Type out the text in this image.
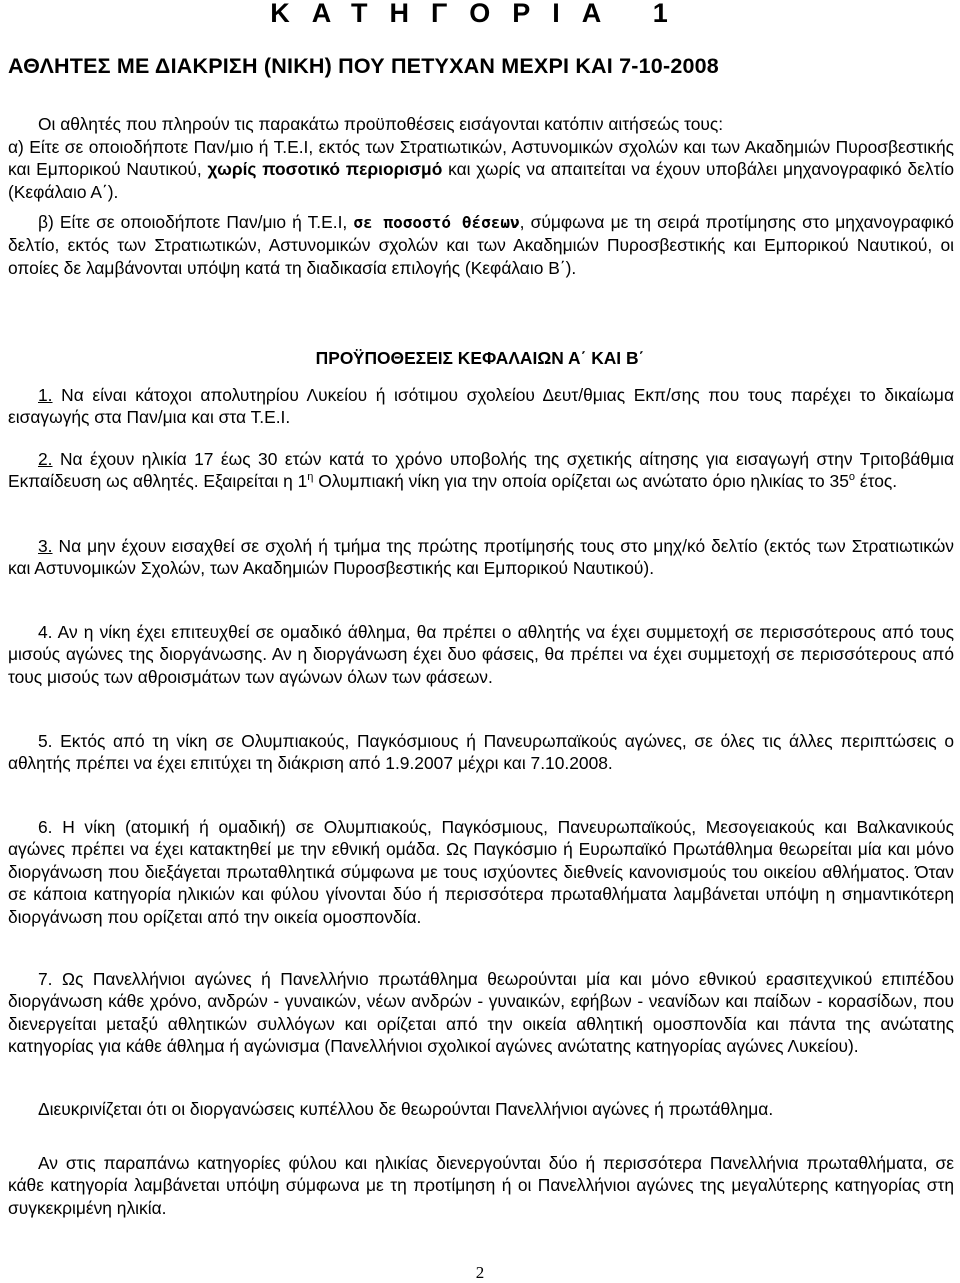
ΚΑΤΗΓΟΡΙΑ 1
ΑΘΛΗΤΕΣ ΜΕ ΔΙΑΚΡΙΣΗ (ΝΙΚΗ) ΠΟΥ ΠΕΤΥΧΑΝ ΜΕΧΡΙ ΚΑΙ 7-10-2008
Οι αθλητές που πληρούν τις παρακάτω προϋποθέσεις εισάγονται κατόπιν αιτήσεώς τους:
α) Είτε σε οποιοδήποτε Παν/μιο ή Τ.Ε.Ι, εκτός των Στρατιωτικών, Αστυνομικών σχολών και των Ακαδημιών Πυροσβεστικής και Εμπορικού Ναυτικού, χωρίς ποσοτικό περιορισμό και χωρίς να απαιτείται να έχουν υποβάλει μηχανογραφικό δελτίο (Κεφάλαιο Α΄).
β) Είτε σε οποιοδήποτε Παν/μιο ή Τ.Ε.Ι, σε ποσοστό θέσεων, σύμφωνα με τη σειρά προτίμησης στο μηχανογραφικό δελτίο, εκτός των Στρατιωτικών, Αστυνομικών σχολών και των Ακαδημιών Πυροσβεστικής και Εμπορικού Ναυτικού, οι οποίες δε λαμβάνονται υπόψη κατά τη διαδικασία επιλογής (Κεφάλαιο Β΄).
ΠΡΟΫΠΟΘΕΣΕΙΣ ΚΕΦΑΛΑΙΩΝ Α΄ ΚΑΙ Β΄
1. Να είναι κάτοχοι απολυτηρίου Λυκείου ή ισότιμου σχολείου Δευτ/θμιας Εκπ/σης που τους παρέχει το δικαίωμα εισαγωγής στα Παν/μια και στα Τ.Ε.Ι.
2. Να έχουν ηλικία 17 έως 30 ετών κατά το χρόνο υποβολής της σχετικής αίτησης για εισαγωγή στην Τριτοβάθμια Εκπαίδευση ως αθλητές. Εξαιρείται η $1^\eta$ Ολυμπιακή νίκη για την οποία ορίζεται ως ανώτατο όριο ηλικίας το $35^o$ έτος.
3. Να μην έχουν εισαχθεί σε σχολή ή τμήμα της πρώτης προτίμησής τους στο μηχ/κό δελτίο (εκτός των Στρατιωτικών και Αστυνομικών Σχολών, των Ακαδημιών Πυροσβεστικής και Εμπορικού Ναυτικού).
4. Αν η νίκη έχει επιτευχθεί σε ομαδικό άθλημα, θα πρέπει ο αθλητής να έχει συμμετοχή σε περισσότερους από τους μισούς αγώνες της διοργάνωσης. Αν η διοργάνωση έχει δυο φάσεις, θα πρέπει να έχει συμμετοχή σε περισσότερους από τους μισούς των αθροισμάτων των αγώνων όλων των φάσεων.
5. Εκτός από τη νίκη σε Ολυμπιακούς, Παγκόσμιους ή Πανευρωπαϊκούς αγώνες, σε όλες τις άλλες περιπτώσεις ο αθλητής πρέπει να έχει επιτύχει τη διάκριση από 1.9.2007 μέχρι και 7.10.2008.
6. Η νίκη (ατομική ή ομαδική) σε Ολυμπιακούς, Παγκόσμιους, Πανευρωπαϊκούς, Μεσογειακούς και Βαλκανικούς αγώνες πρέπει να έχει κατακτηθεί με την εθνική ομάδα. Ως Παγκόσμιο ή Ευρωπαϊκό Πρωτάθλημα θεωρείται μία και μόνο διοργάνωση που διεξάγεται πρωταθλητικά σύμφωνα με τους ισχύοντες διεθνείς κανονισμούς του οικείου αθλήματος. Όταν σε κάποια κατηγορία ηλικιών και φύλου γίνονται δύο ή περισσότερα πρωταθλήματα λαμβάνεται υπόψη η σημαντικότερη διοργάνωση που ορίζεται από την οικεία ομοσπονδία.
7. Ως Πανελλήνιοι αγώνες ή Πανελλήνιο πρωτάθλημα θεωρούνται μία και μόνο εθνικού ερασιτεχνικού επιπέδου διοργάνωση κάθε χρόνο, ανδρών - γυναικών, νέων ανδρών - γυναικών, εφήβων - νεανίδων και παίδων - κορασίδων, που διενεργείται μεταξύ αθλητικών συλλόγων και ορίζεται από την οικεία αθλητική ομοσπονδία και πάντα της ανώτατης κατηγορίας για κάθε άθλημα ή αγώνισμα (Πανελλήνιοι σχολικοί αγώνες ανώτατης κατηγορίας αγώνες Λυκείου).
Διευκρινίζεται ότι οι διοργανώσεις κυπέλλου δε θεωρούνται Πανελλήνιοι αγώνες ή πρωτάθλημα.
Αν στις παραπάνω κατηγορίες φύλου και ηλικίας διενεργούνται δύο ή περισσότερα Πανελλήνια πρωταθλήματα, σε κάθε κατηγορία λαμβάνεται υπόψη σύμφωνα με τη προτίμηση ή οι Πανελλήνιοι αγώνες της μεγαλύτερης κατηγορίας στη συγκεκριμένη ηλικία.
2
